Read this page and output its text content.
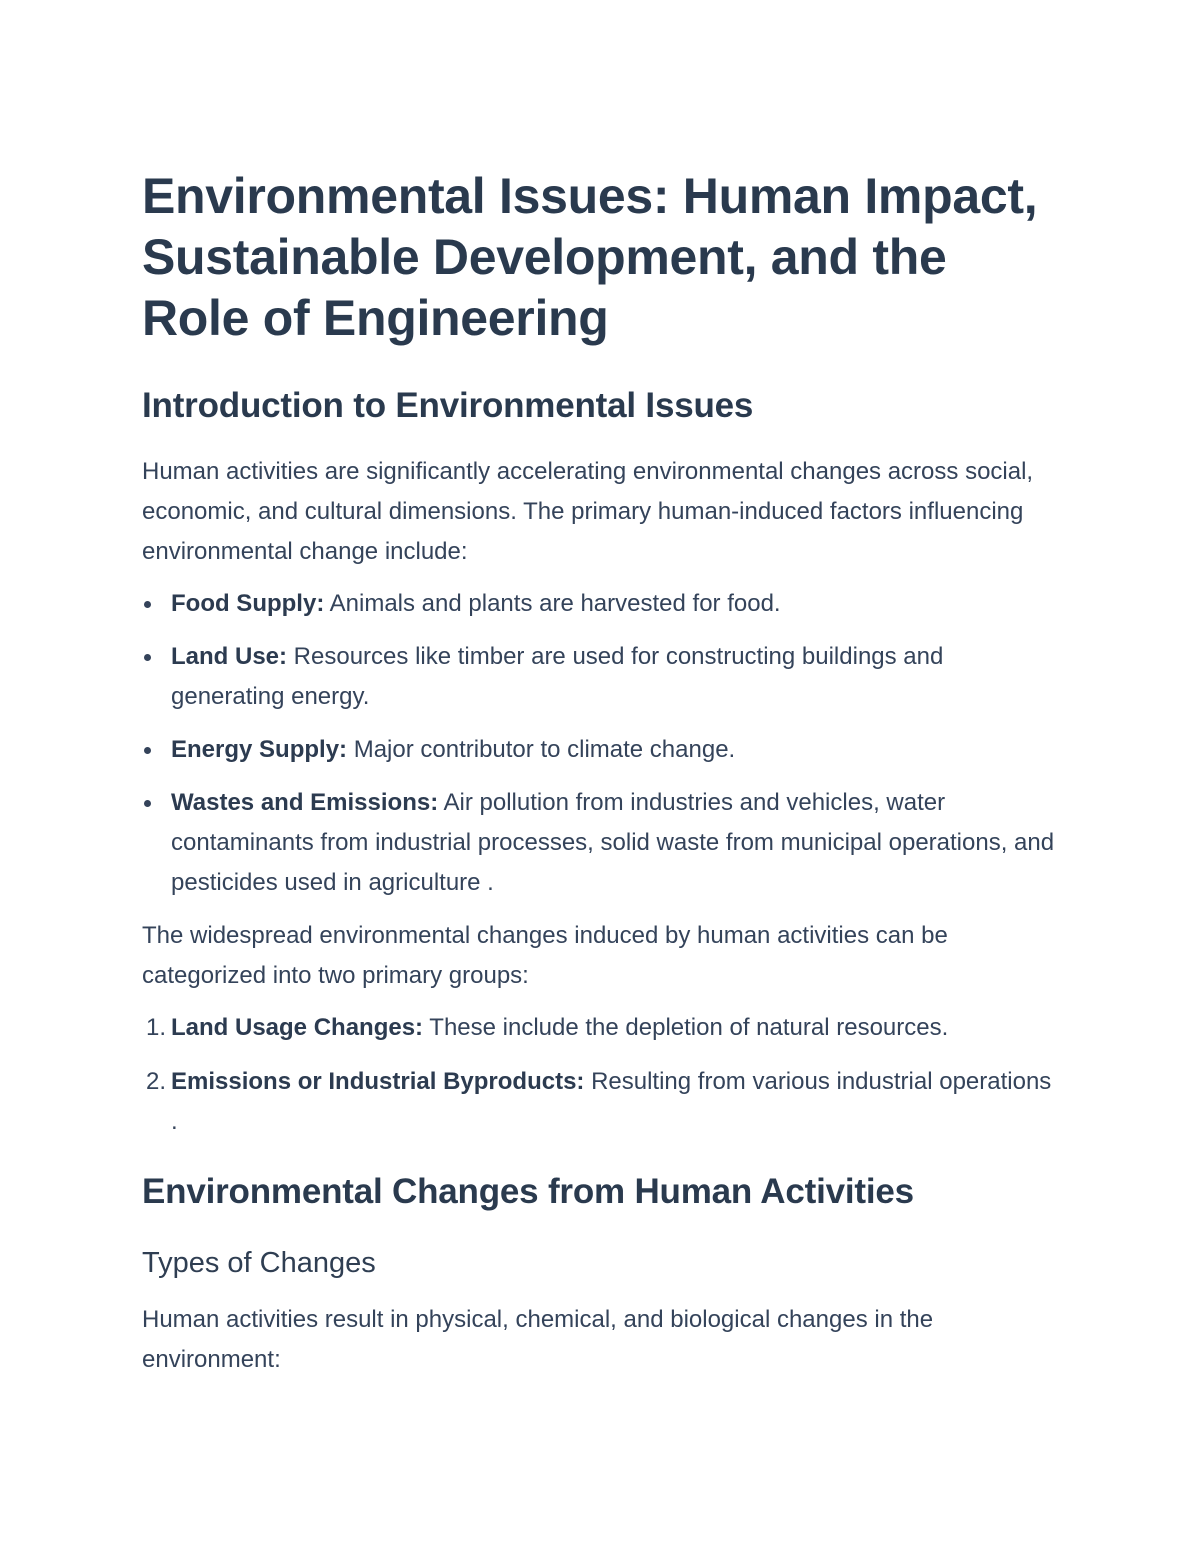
Environmental Issues: Human Impact, Sustainable Development, and the Role of Engineering
Introduction to Environmental Issues

Human activities are significantly accelerating environmental changes across social, economic, and cultural dimensions. The primary human-induced factors influencing environmental change include:

Food Supply: Animals and plants are harvested for food.
Land Use: Resources like timber are used for constructing buildings and generating energy.
Energy Supply: Major contributor to climate change.
Wastes and Emissions: Air pollution from industries and vehicles, water contaminants from industrial processes, solid waste from municipal operations, and pesticides used in agriculture .

The widespread environmental changes induced by human activities can be categorized into two primary groups:

1. Land Usage Changes: These include the depletion of natural resources.
2. Emissions or Industrial Byproducts: Resulting from various industrial operations .
Environmental Changes from Human Activities
Types of Changes

Human activities result in physical, chemical, and biological changes in the environment:
